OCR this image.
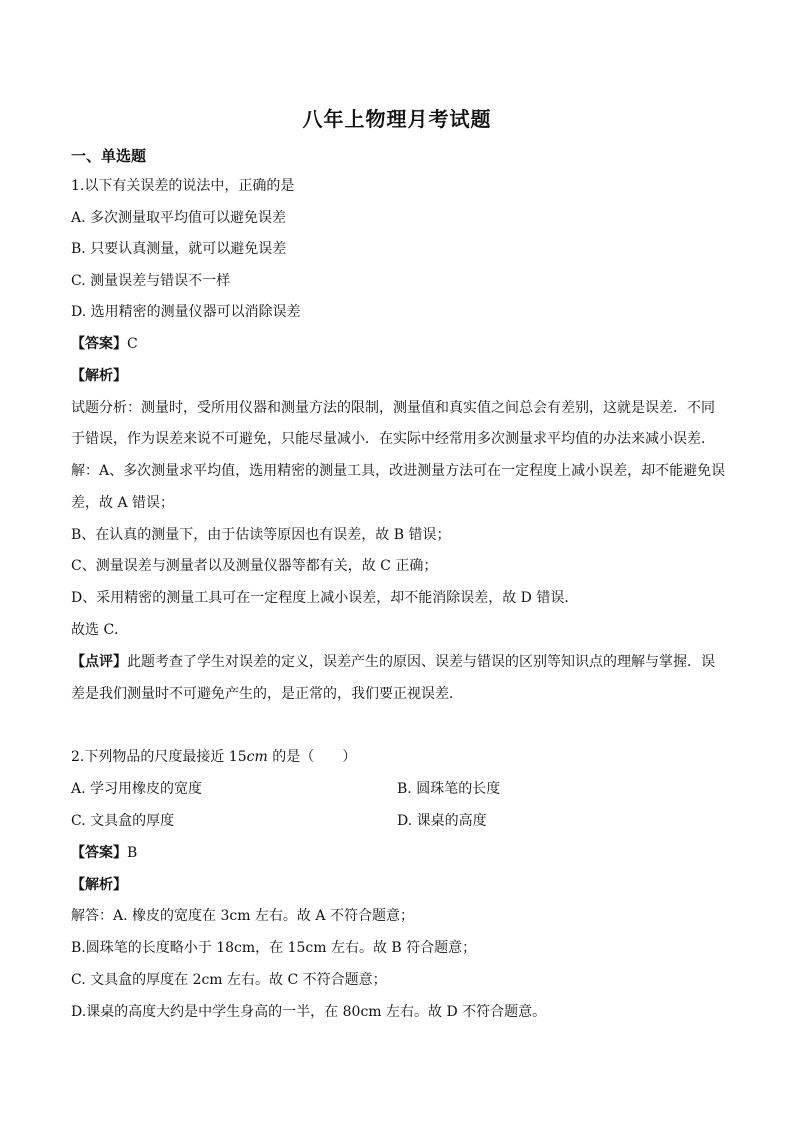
八年上物理月考试题
一、单选题
1.以下有关误差的说法中，正确的是
A. 多次测量取平均值可以避免误差
B. 只要认真测量，就可以避免误差
C. 测量误差与错误不一样
D. 选用精密的测量仪器可以消除误差
【答案】C
【解析】
试题分析：测量时，受所用仪器和测量方法的限制，测量值和真实值之间总会有差别，这就是误差．不同
于错误，作为误差来说不可避免，只能尽量减小．在实际中经常用多次测量求平均值的办法来减小误差．
解：A、多次测量求平均值，选用精密的测量工具，改进测量方法可在一定程度上减小误差，却不能避免误
差，故 A 错误；
B、在认真的测量下，由于估读等原因也有误差，故 B 错误；
C、测量误差与测量者以及测量仪器等都有关，故 C 正确；
D、采用精密的测量工具可在一定程度上减小误差，却不能消除误差，故 D 错误．
故选 C．
【点评】此题考查了学生对误差的定义，误差产生的原因、误差与错误的区别等知识点的理解与掌握．误
差是我们测量时不可避免产生的，是正常的，我们要正视误差．
2.下列物品的尺度最接近 15cm 的是（　　）
A. 学习用橡皮的宽度	B. 圆珠笔的长度
C. 文具盒的厚度	D. 课桌的高度
【答案】B
【解析】
解答：A. 橡皮的宽度在 3cm 左右。故 A 不符合题意；
B.圆珠笔的长度略小于 18cm，在 15cm 左右。故 B 符合题意；
C. 文具盒的厚度在 2cm 左右。故 C 不符合题意；
D.课桌的高度大约是中学生身高的一半，在 80cm 左右。故 D 不符合题意。
